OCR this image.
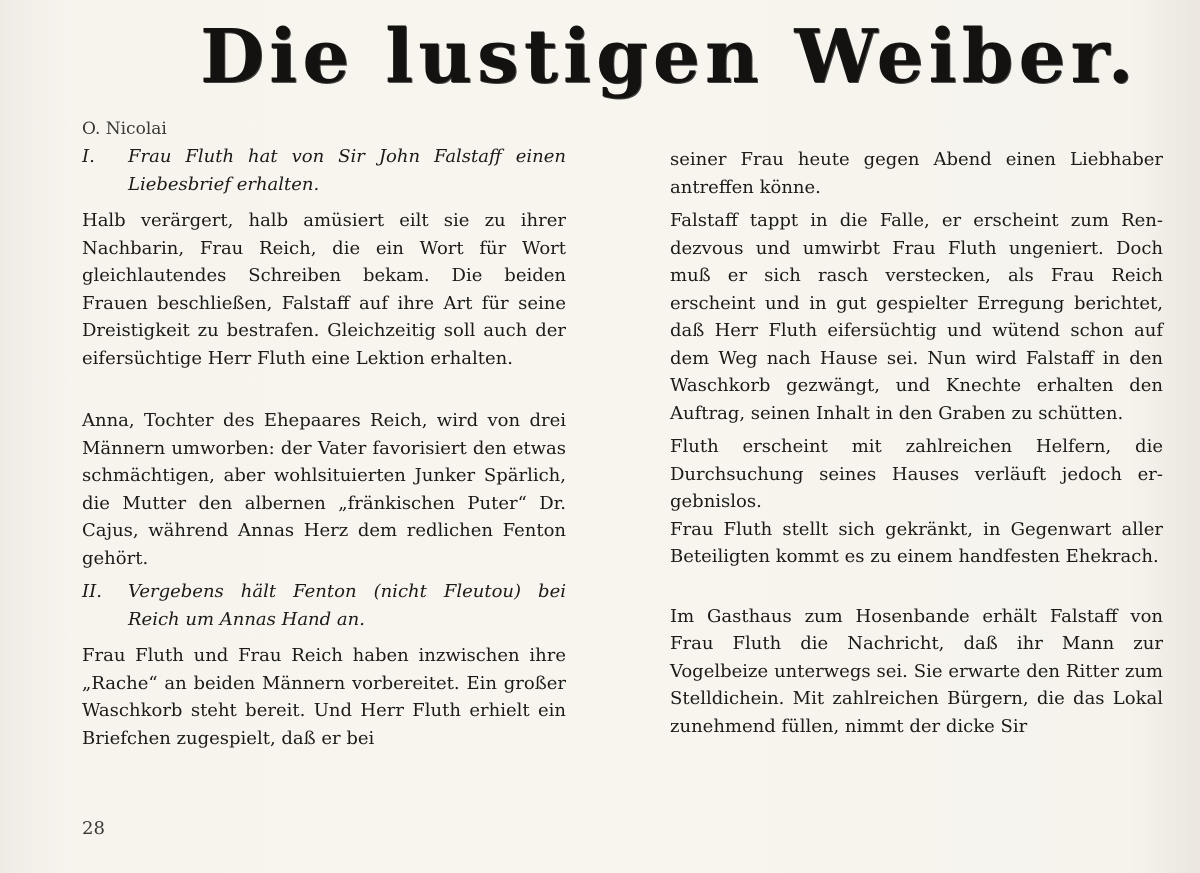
Die lustigen Weiber.

O. Nicolai

I. Frau Fluth hat von Sir John Falstaff einen Liebesbrief erhalten.

Halb verärgert, halb amüsiert eilt sie zu ihrer Nachbarin, Frau Reich, die ein Wort für Wort gleichlautendes Schreiben bekam. Die beiden Frauen beschließen, Falstaff auf ihre Art für seine Dreistigkeit zu bestrafen. Gleichzeitig soll auch der eifersüchtige Herr Fluth eine Lektion erhalten.

Anna, Tochter des Ehepaares Reich, wird von drei Männern umworben: der Vater favorisiert den etwas schmächtigen, aber wohlsituierten Junker Spärlich, die Mutter den albernen „fränkischen Puter“ Dr. Cajus, während Annas Herz dem redlichen Fenton gehört.

II. Vergebens hält Fenton (nicht Fleutou) bei Reich um Annas Hand an.

Frau Fluth und Frau Reich haben inzwischen ihre „Rache“ an beiden Männern vorbereitet. Ein großer Waschkorb steht bereit. Und Herr Fluth erhielt ein Briefchen zugespielt, daß er bei

seiner Frau heute gegen Abend einen Liebhaber antreffen könne.

Falstaff tappt in die Falle, er erscheint zum Rendezvous und umwirbt Frau Fluth ungeniert. Doch muß er sich rasch verstecken, als Frau Reich erscheint und in gut gespielter Erregung berichtet, daß Herr Fluth eifersüchtig und wütend schon auf dem Weg nach Hause sei. Nun wird Falstaff in den Waschkorb gezwängt, und Knechte erhalten den Auftrag, seinen Inhalt in den Graben zu schütten.

Fluth erscheint mit zahlreichen Helfern, die Durchsuchung seines Hauses verläuft jedoch ergebnislos.

Frau Fluth stellt sich gekränkt, in Gegenwart aller Beteiligten kommt es zu einem handfesten Ehekrach.

Im Gasthaus zum Hosenbande erhält Falstaff von Frau Fluth die Nachricht, daß ihr Mann zur Vogelbeize unterwegs sei. Sie erwarte den Ritter zum Stelldichein. Mit zahlreichen Bürgern, die das Lokal zunehmend füllen, nimmt der dicke Sir

28
